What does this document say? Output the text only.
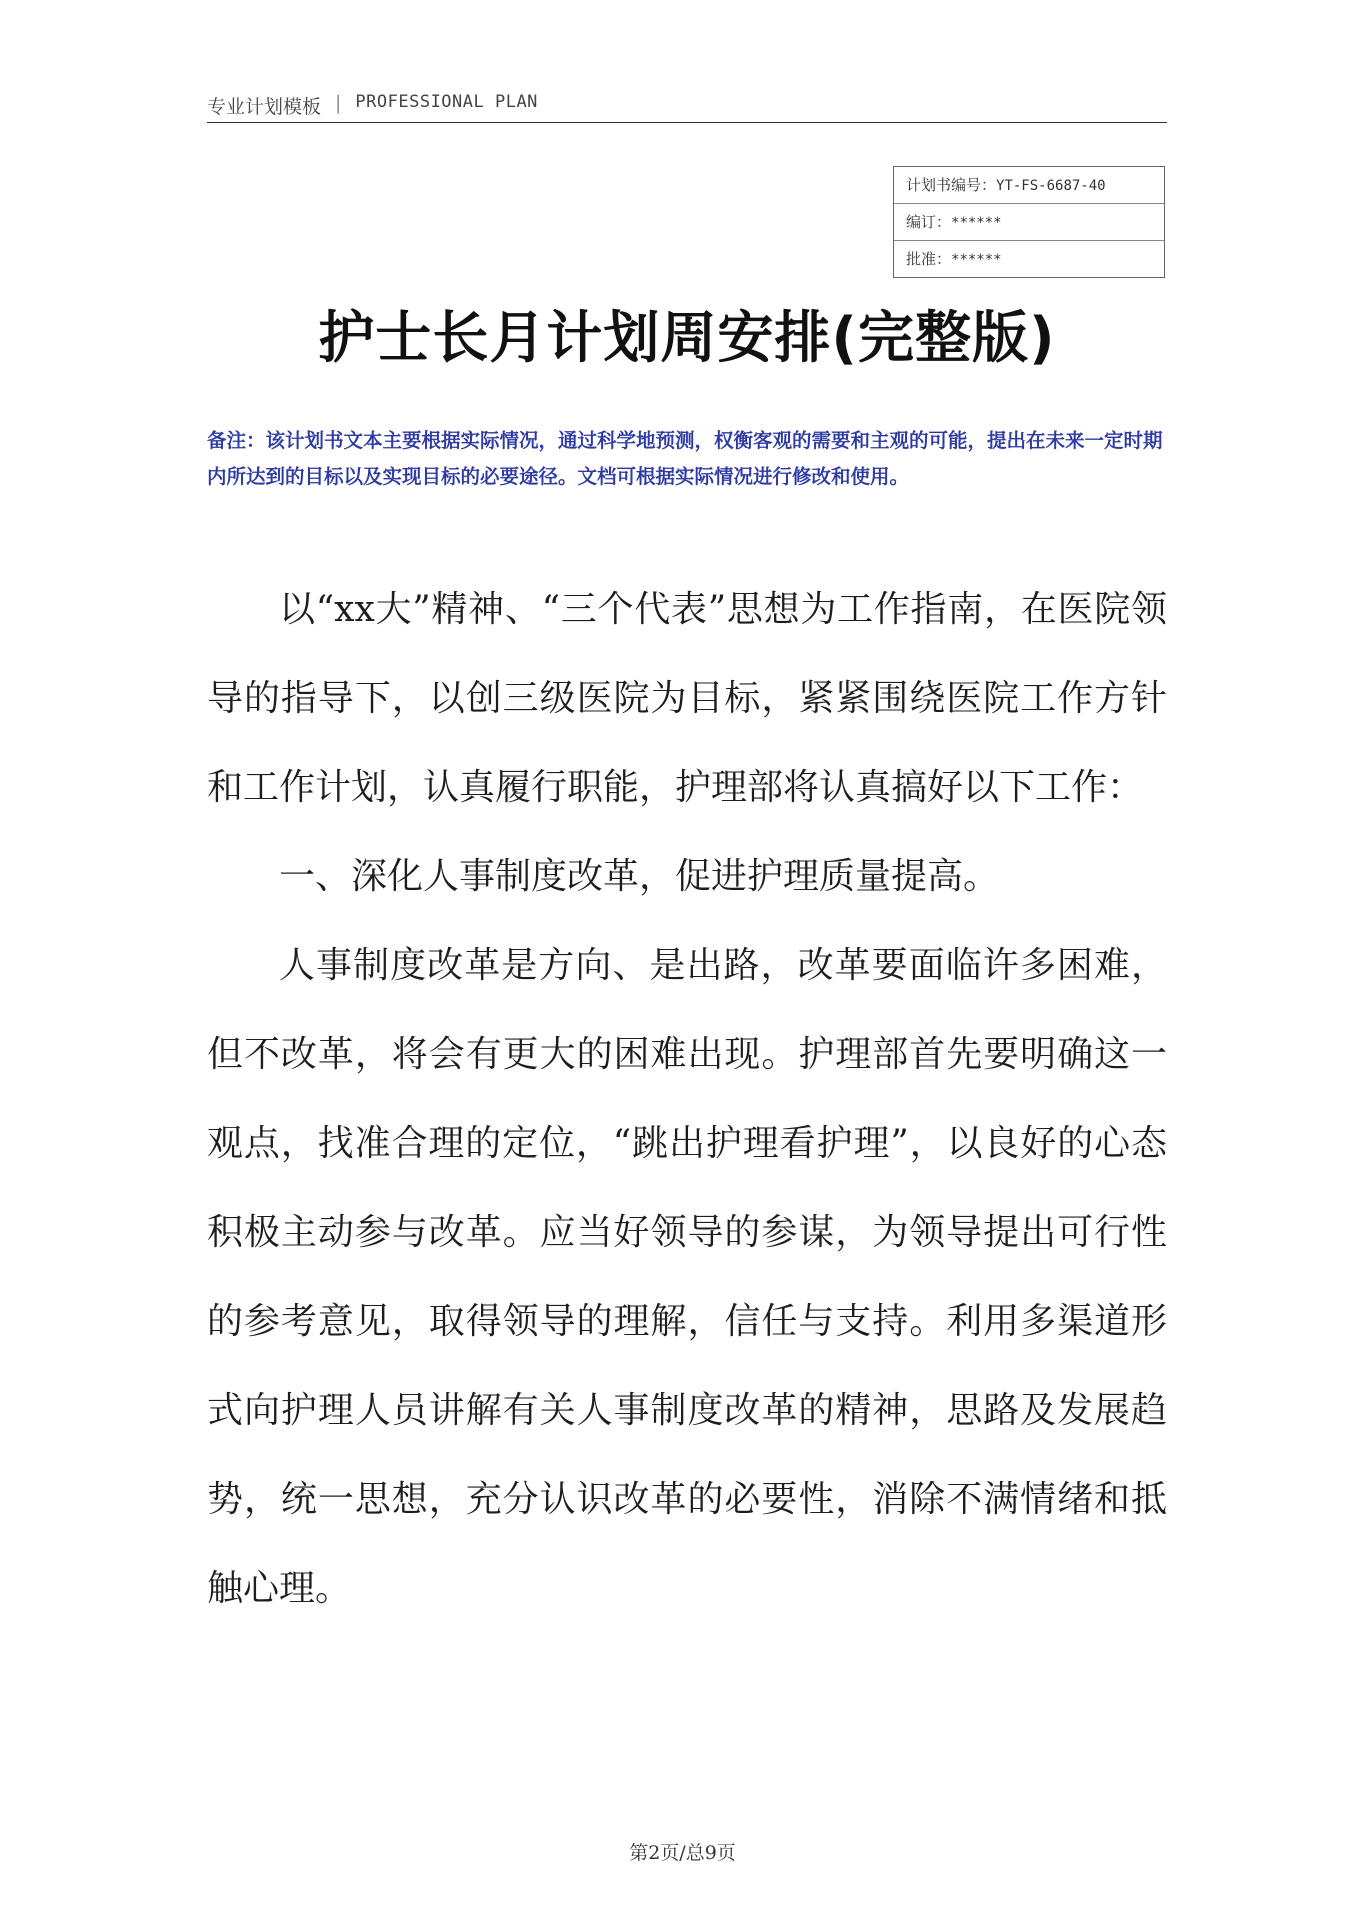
专业计划模板 | PROFESSIONAL PLAN
计划书编号：YT-FS-6687-40
编订：******
批准：******
护士长月计划周安排(完整版)
备注：该计划书文本主要根据实际情况，通过科学地预测，权衡客观的需要和主观的可能，提出在未来一定时期内所达到的目标以及实现目标的必要途径。文档可根据实际情况进行修改和使用。

以“xx大”精神、“三个代表”思想为工作指南，在医院领导的指导下，以创三级医院为目标，紧紧围绕医院工作方针和工作计划，认真履行职能，护理部将认真搞好以下工作：

一、深化人事制度改革，促进护理质量提高。

人事制度改革是方向、是出路，改革要面临许多困难，但不改革，将会有更大的困难出现。护理部首先要明确这一观点，找准合理的定位，“跳出护理看护理”，以良好的心态积极主动参与改革。应当好领导的参谋，为领导提出可行性的参考意见，取得领导的理解，信任与支持。利用多渠道形式向护理人员讲解有关人事制度改革的精神，思路及发展趋势，统一思想，充分认识改革的必要性，消除不满情绪和抵触心理。

第2页/总9页
